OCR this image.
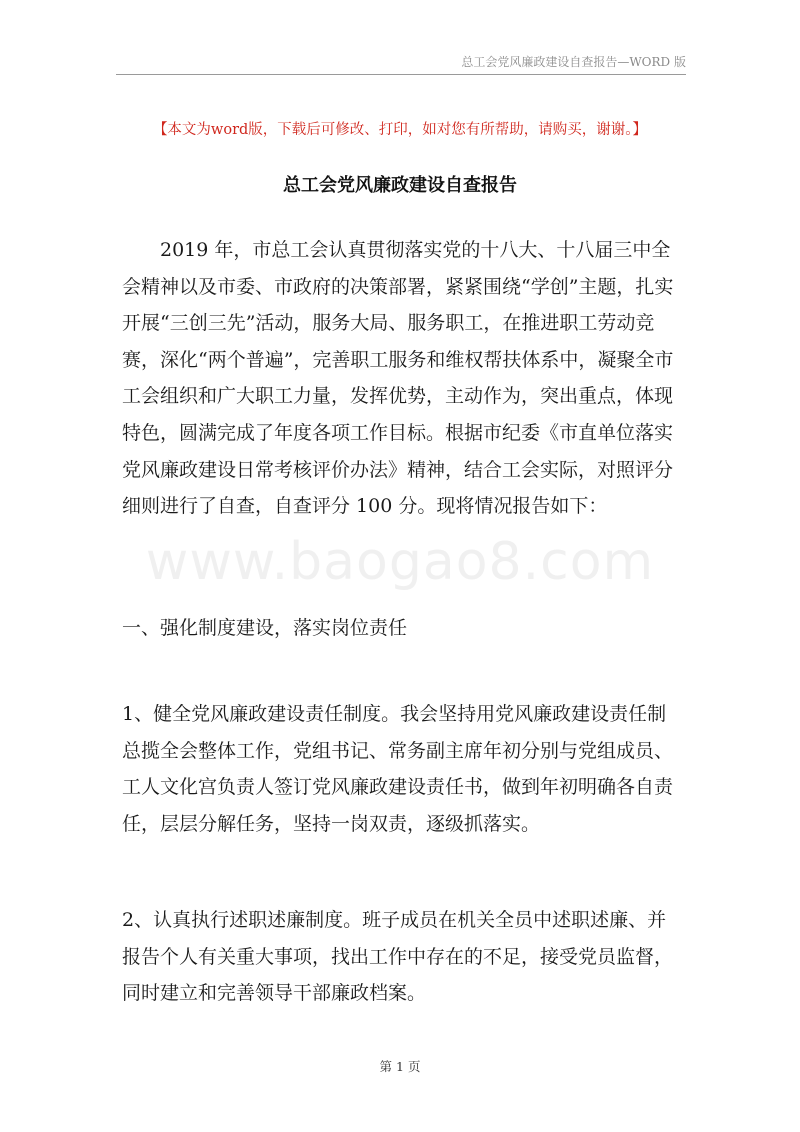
总工会党风廉政建设自查报告—WORD 版
【本文为word版，下载后可修改、打印，如对您有所帮助，请购买，谢谢。】
总工会党风廉政建设自查报告
www.baogao8.com

2019 年，市总工会认真贯彻落实党的十八大、十八届三中全会精神以及市委、市政府的决策部署，紧紧围绕“学创”主题，扎实开展“三创三先”活动，服务大局、服务职工，在推进职工劳动竞赛，深化“两个普遍”，完善职工服务和维权帮扶体系中，凝聚全市工会组织和广大职工力量，发挥优势，主动作为，突出重点，体现特色，圆满完成了年度各项工作目标。根据市纪委《市直单位落实党风廉政建设日常考核评价办法》精神，结合工会实际，对照评分细则进行了自查，自查评分 100 分。现将情况报告如下：

一、强化制度建设，落实岗位责任

1、健全党风廉政建设责任制度。我会坚持用党风廉政建设责任制总揽全会整体工作，党组书记、常务副主席年初分别与党组成员、工人文化宫负责人签订党风廉政建设责任书，做到年初明确各自责任，层层分解任务，坚持一岗双责，逐级抓落实。

2、认真执行述职述廉制度。班子成员在机关全员中述职述廉、并报告个人有关重大事项，找出工作中存在的不足，接受党员监督，同时建立和完善领导干部廉政档案。

第 1 页
